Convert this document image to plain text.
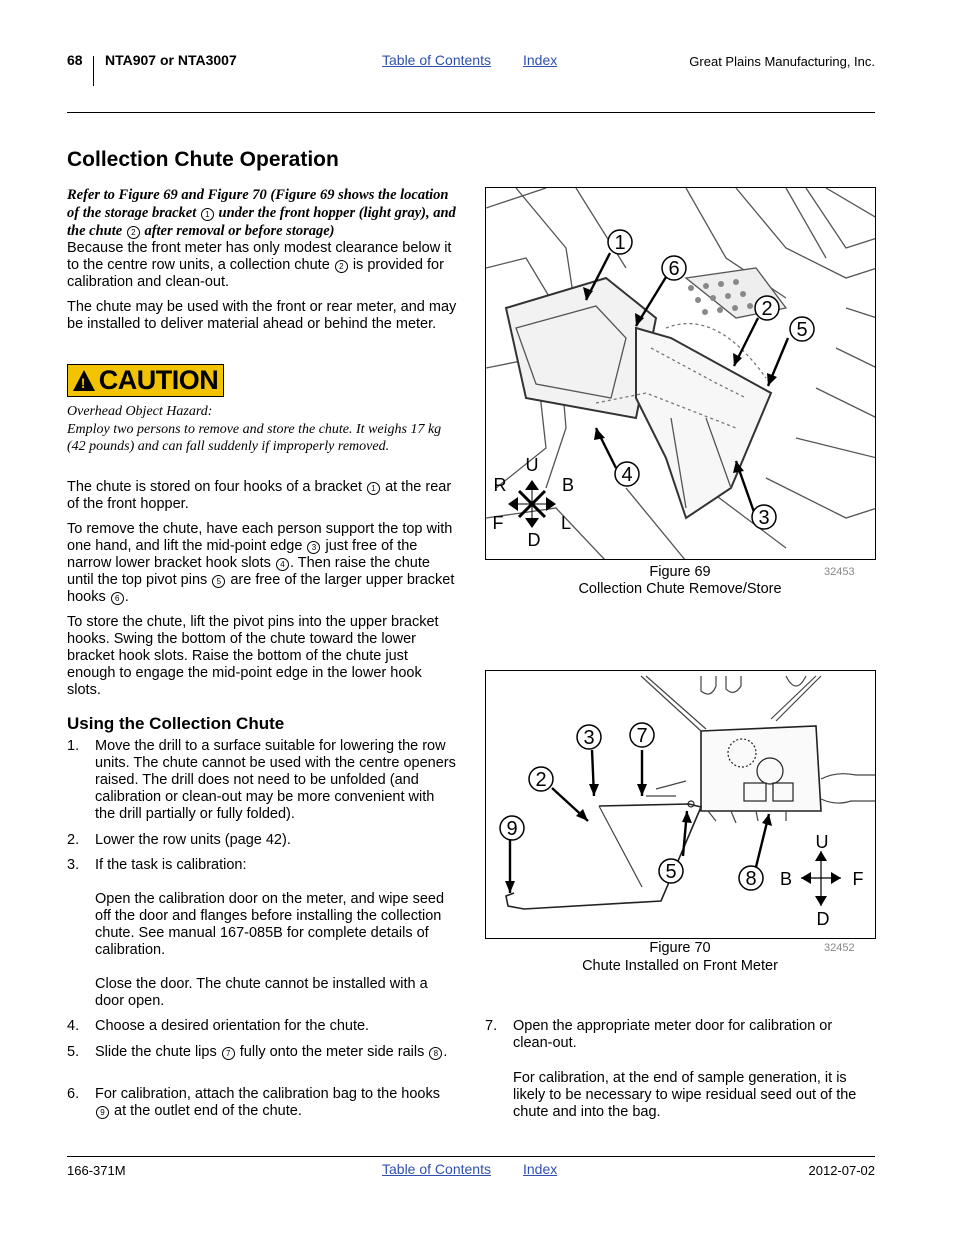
68 NTA907 or NTA3007	Table of Contents Index	Great Plains Manufacturing, Inc.
Collection Chute Operation

Refer to Figure 69 and Figure 70 (Figure 69 shows the location of the storage bracket 1 under the front hopper (light gray), and the chute 2 after removal or before storage)

Because the front meter has only modest clearance below it to the centre row units, a collection chute 2 is provided for calibration and clean-out.

The chute may be used with the front or rear meter, and may be installed to deliver material ahead or behind the meter.

! CAUTION

Overhead Object Hazard:

Employ two persons to remove and store the chute. It weighs 17 kg (42 pounds) and can fall suddenly if improperly removed.

The chute is stored on four hooks of a bracket 1 at the rear of the front hopper.

To remove the chute, have each person support the top with one hand, and lift the mid-point edge 3 just free of the narrow lower bracket hook slots 4 . Then raise the chute until the top pivot pins 5 are free of the larger upper bracket hooks 6 .

To store the chute, lift the pivot pins into the upper bracket hooks. Swing the bottom of the chute toward the lower bracket hook slots. Raise the bottom of the chute just enough to engage the mid-point edge in the lower hook slots.

Using the Collection Chute
1. Move the drill to a surface suitable for lowering the row units. The chute cannot be used with the centre openers raised. The drill does not need to be unfolded (and calibration or clean-out may be more convenient with the drill partially or fully folded).
2. Lower the row units (page 42).
3. If the task is calibration:
Open the calibration door on the meter, and wipe seed off the door and flanges before installing the collection chute. See manual 167-085B for complete details of calibration.
Close the door. The chute cannot be installed with a door open.
4. Choose a desired orientation for the chute.
5. Slide the chute lips 7 fully onto the meter side rails 8 .
6. For calibration, attach the calibration bag to the hooks 9 at the outlet end of the chute.
7. Open the appropriate meter door for calibration or clean-out.
For calibration, at the end of sample generation, it is likely to be necessary to wipe residual seed out of the chute and into the bag.
1
6
2
5
4
3
U
R	B
F	L
D
Figure 69
Collection Chute Remove/Store
32453
3 7
2
9
5	8
U
B	F
D
Figure 70
Chute Installed on Front Meter
32452
166-371M	Table of Contents Index	2012-07-02
